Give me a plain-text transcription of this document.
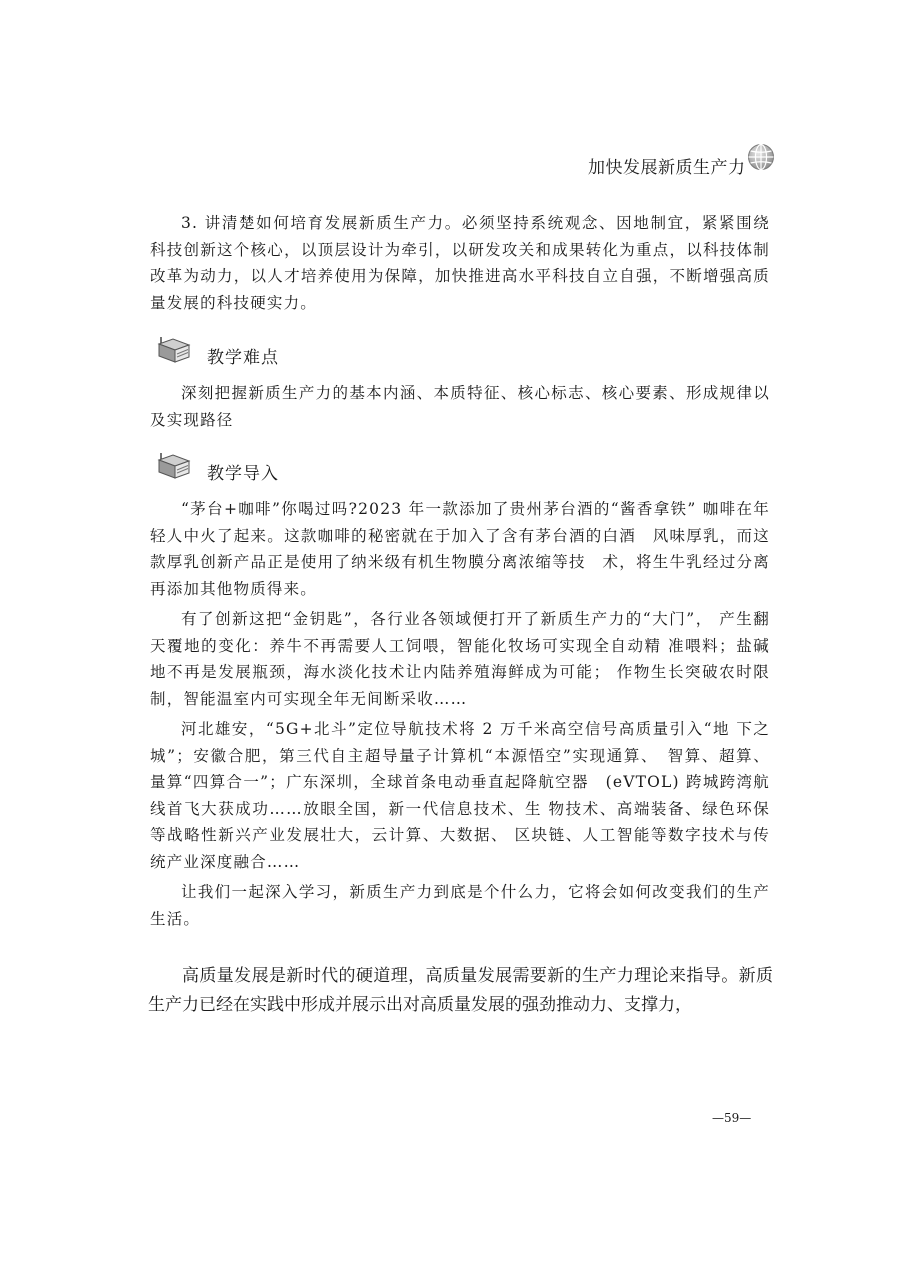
加快发展新质生产力

3. 讲清楚如何培育发展新质生产力。必须坚持系统观念、因地制宜，紧紧围绕科技创新这个核心，以顶层设计为牵引，以研发攻关和成果转化为重点，以科技体制改革为动力，以人才培养使用为保障，加快推进高水平科技自立自强，不断增强高质量发展的科技硬实力。

教学难点

深刻把握新质生产力的基本内涵、本质特征、核心标志、核心要素、形成规律以及实现路径

教学导入

“茅台+咖啡”你喝过吗?2023 年一款添加了贵州茅台酒的“酱香拿铁” 咖啡在年轻人中火了起来。这款咖啡的秘密就在于加入了含有茅台酒的白酒　风味厚乳，而这款厚乳创新产品正是使用了纳米级有机生物膜分离浓缩等技　术，将生牛乳经过分离再添加其他物质得来。

有了创新这把“金钥匙”，各行业各领域便打开了新质生产力的“大门”， 产生翻天覆地的变化：养牛不再需要人工饲喂，智能化牧场可实现全自动精 准喂料；盐碱地不再是发展瓶颈，海水淡化技术让内陆养殖海鲜成为可能； 作物生长突破农时限制，智能温室内可实现全年无间断采收……

河北雄安，“5G+北斗”定位导航技术将 2 万千米高空信号高质量引入“地 下之城”；安徽合肥，第三代自主超导量子计算机“本源悟空”实现通算、　智算、超算、量算“四算合一”；广东深圳，全球首条电动垂直起降航空器　(eVTOL) 跨城跨湾航线首飞大获成功……放眼全国，新一代信息技术、生 物技术、高端装备、绿色环保等战略性新兴产业发展壮大，云计算、大数据、 区块链、人工智能等数字技术与传统产业深度融合……

让我们一起深入学习，新质生产力到底是个什么力，它将会如何改变我们的生产生活。

高质量发展是新时代的硬道理，高质量发展需要新的生产力理论来指导。新质生产力已经在实践中形成并展示出对高质量发展的强劲推动力、支撑力，

—59—
